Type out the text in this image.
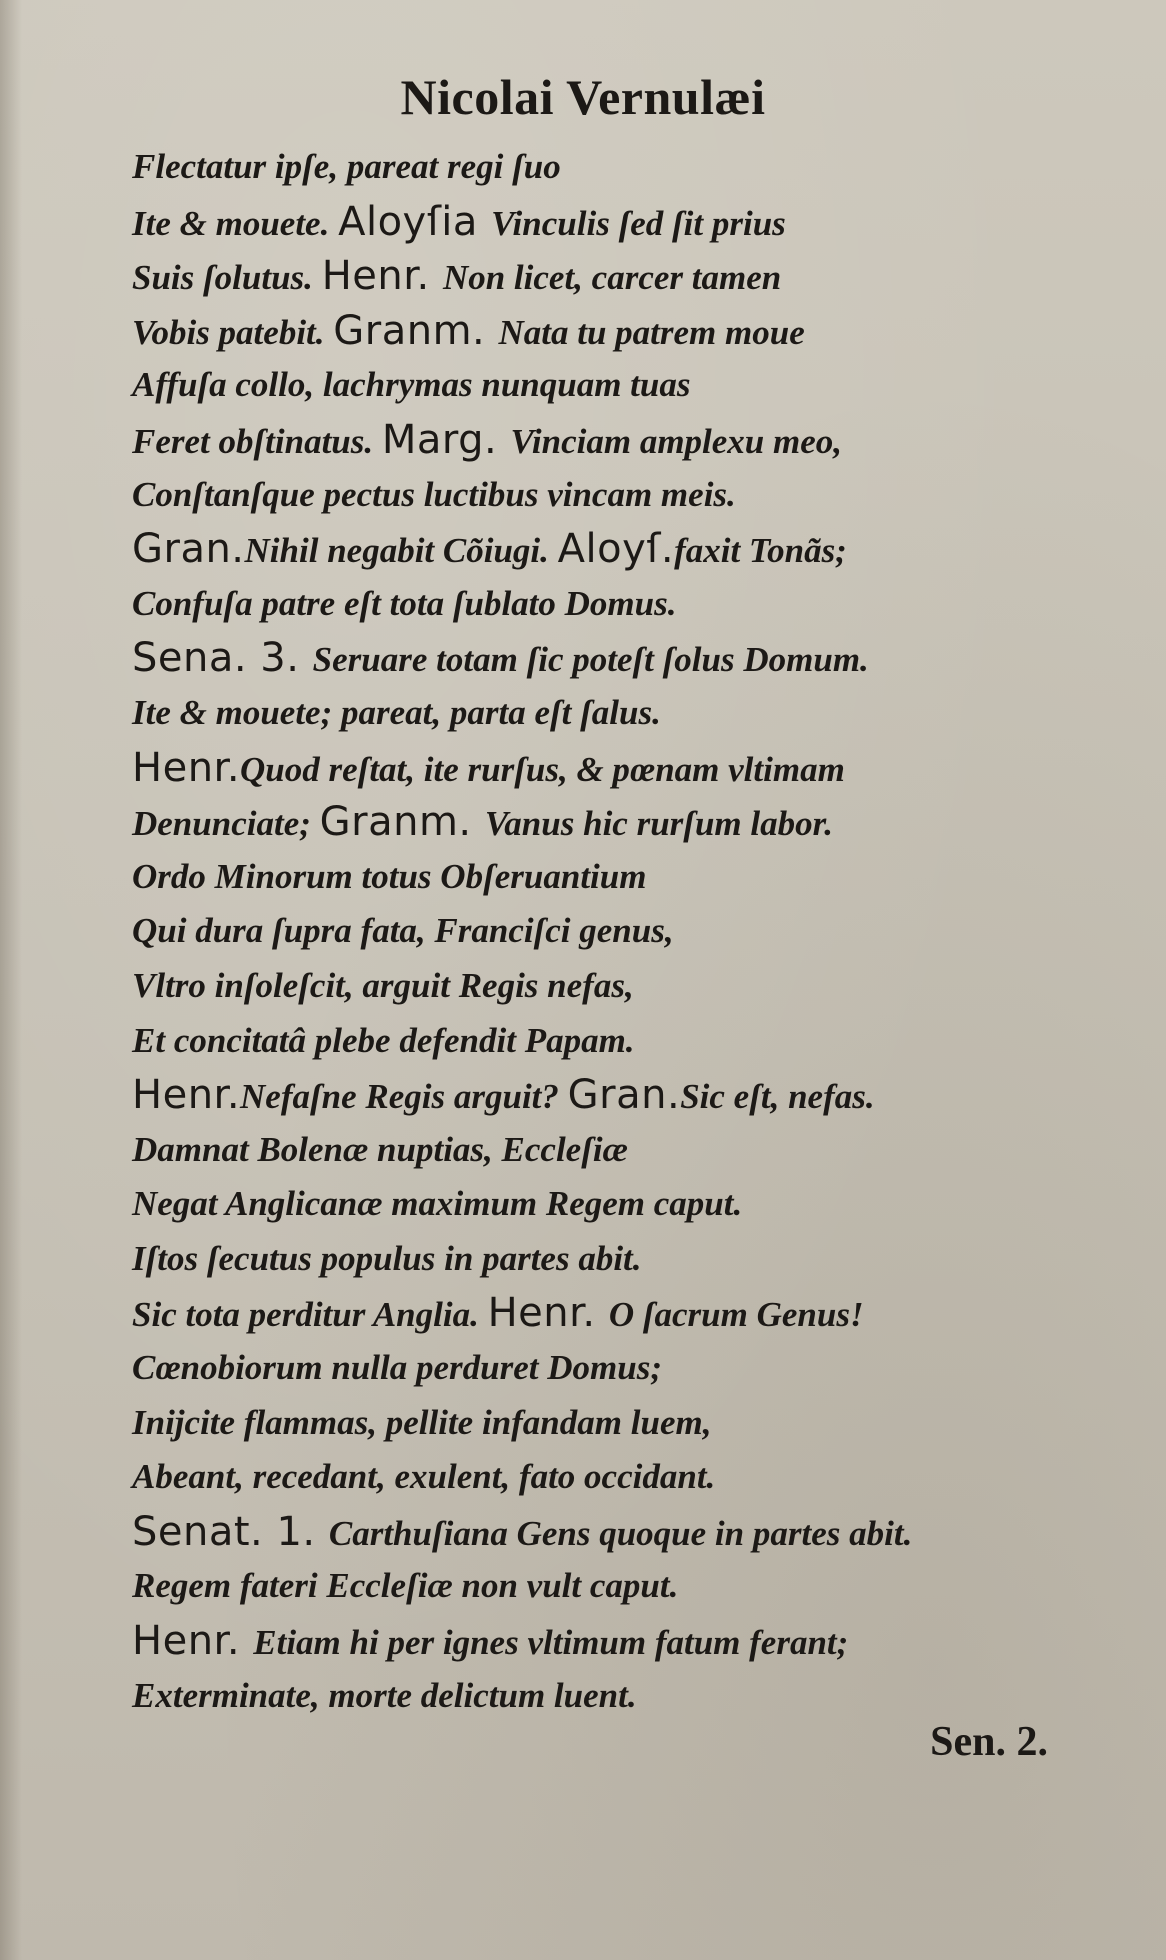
Nicolai Vernulæi
Flectatur ipſe, pareat regi ſuo
Ite & mouete. Aloyſia Vinculis ſed ſit prius
Suis ſolutus. Henr. Non licet, carcer tamen
Vobis patebit. Granm. Nata tu patrem moue
Affuſa collo, lachrymas nunquam tuas
Feret obſtinatus. Marg. Vinciam amplexu meo,
Conſtanſque pectus luctibus vincam meis.
Gran.Nihil negabit Cõiugi. Aloyſ.faxit Tonãs;
Confuſa patre eſt tota ſublato Domus.
Sena. 3. Seruare totam ſic poteſt ſolus Domum.
Ite & mouete; pareat, parta eſt ſalus.
Henr.Quod reſtat, ite rurſus, & pœnam vltimam
Denunciate; Granm. Vanus hic rurſum labor.
Ordo Minorum totus Obſeruantium
Qui dura ſupra fata, Franciſci genus,
Vltro inſoleſcit, arguit Regis nefas,
Et concitatâ plebe defendit Papam.
Henr.Nefaſne Regis arguit? Gran.Sic eſt, nefas.
Damnat Bolenæ nuptias, Eccleſiæ
Negat Anglicanæ maximum Regem caput.
Iſtos ſecutus populus in partes abit.
Sic tota perditur Anglia. Henr. O ſacrum Genus!
Cœnobiorum nulla perduret Domus;
Inijcite flammas, pellite infandam luem,
Abeant, recedant, exulent, fato occidant.
Senat. 1. Carthuſiana Gens quoque in partes abit.
Regem fateri Eccleſiæ non vult caput.
Henr. Etiam hi per ignes vltimum fatum ferant;
Exterminate, morte delictum luent.
Sen. 2.
